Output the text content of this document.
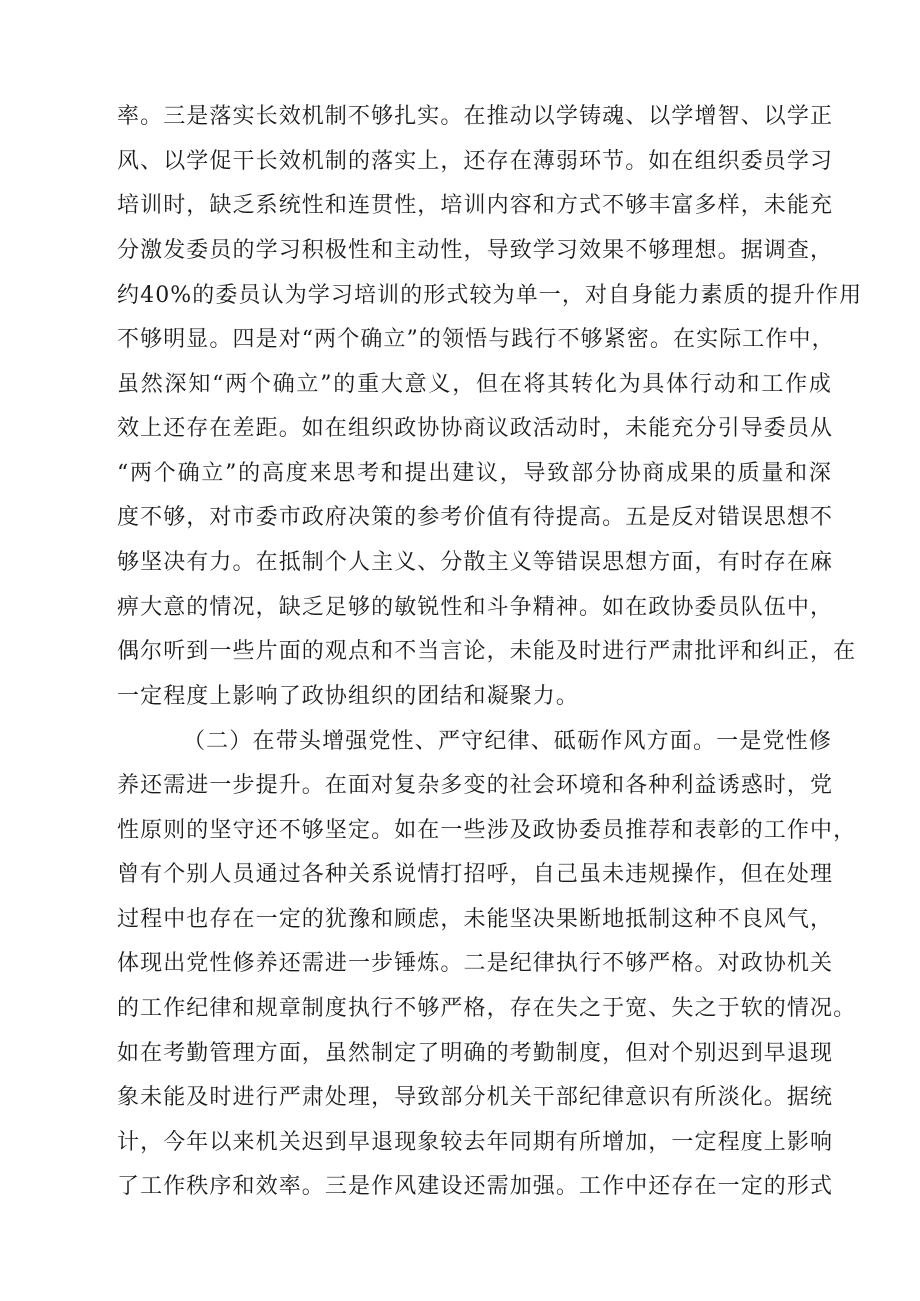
率。三是落实长效机制不够扎实。在推动以学铸魂、以学增智、以学正
风、以学促干长效机制的落实上，还存在薄弱环节。如在组织委员学习
培训时，缺乏系统性和连贯性，培训内容和方式不够丰富多样，未能充
分激发委员的学习积极性和主动性，导致学习效果不够理想。据调查，
约40%的委员认为学习培训的形式较为单一，对自身能力素质的提升作用
不够明显。四是对“两个确立”的领悟与践行不够紧密。在实际工作中，
虽然深知“两个确立”的重大意义，但在将其转化为具体行动和工作成
效上还存在差距。如在组织政协协商议政活动时，未能充分引导委员从
“两个确立”的高度来思考和提出建议，导致部分协商成果的质量和深
度不够，对市委市政府决策的参考价值有待提高。五是反对错误思想不
够坚决有力。在抵制个人主义、分散主义等错误思想方面，有时存在麻
痹大意的情况，缺乏足够的敏锐性和斗争精神。如在政协委员队伍中，
偶尔听到一些片面的观点和不当言论，未能及时进行严肃批评和纠正，在
一定程度上影响了政协组织的团结和凝聚力。
（二）在带头增强党性、严守纪律、砥砺作风方面。一是党性修
养还需进一步提升。在面对复杂多变的社会环境和各种利益诱惑时，党
性原则的坚守还不够坚定。如在一些涉及政协委员推荐和表彰的工作中，
曾有个别人员通过各种关系说情打招呼，自己虽未违规操作，但在处理
过程中也存在一定的犹豫和顾虑，未能坚决果断地抵制这种不良风气，
体现出党性修养还需进一步锤炼。二是纪律执行不够严格。对政协机关
的工作纪律和规章制度执行不够严格，存在失之于宽、失之于软的情况。
如在考勤管理方面，虽然制定了明确的考勤制度，但对个别迟到早退现
象未能及时进行严肃处理，导致部分机关干部纪律意识有所淡化。据统
计，今年以来机关迟到早退现象较去年同期有所增加，一定程度上影响
了工作秩序和效率。三是作风建设还需加强。工作中还存在一定的形式
